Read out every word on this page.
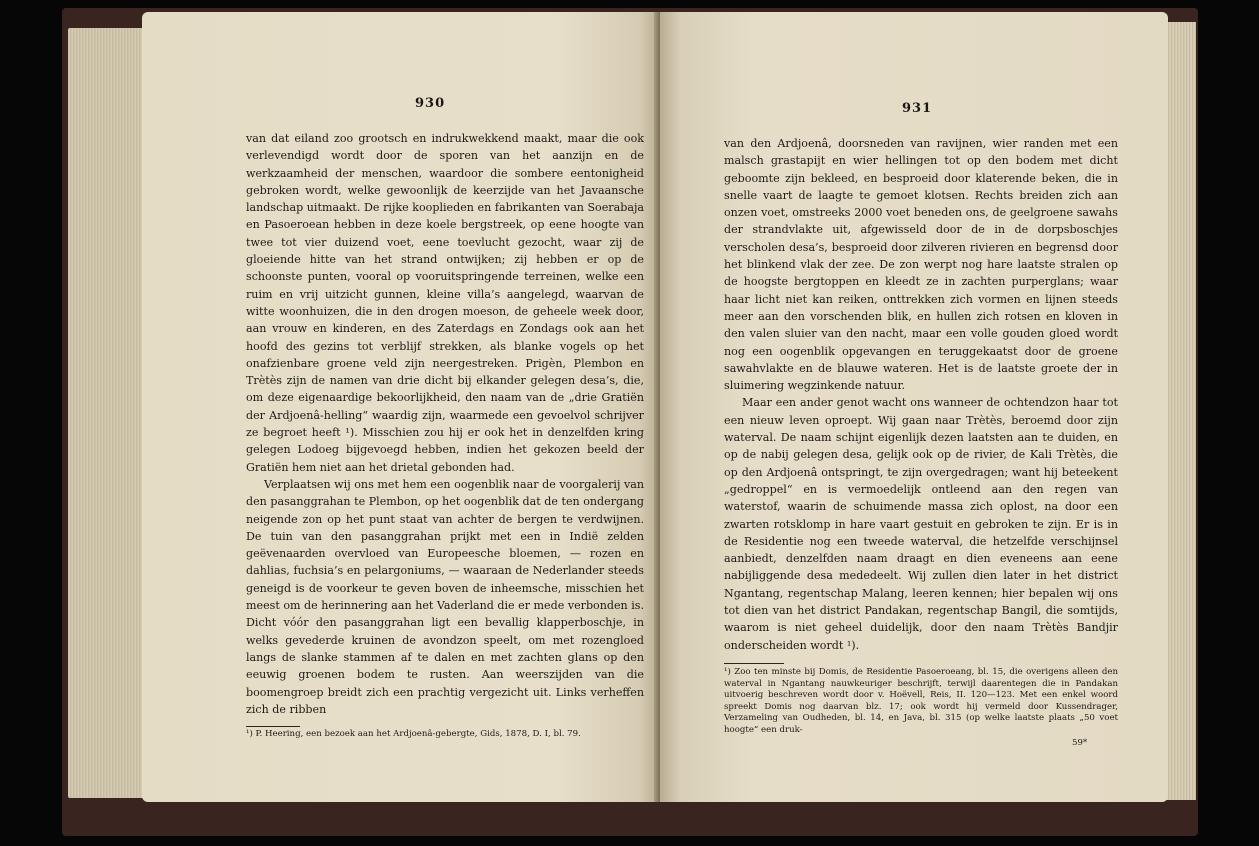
930

van dat eiland zoo grootsch en indrukwekkend maakt, maar die ook verlevendigd wordt door de sporen van het aanzijn en de werkzaamheid der menschen, waardoor die sombere eentonigheid gebroken wordt, welke gewoonlijk de keerzijde van het Javaansche landschap uitmaakt. De rijke kooplieden en fabrikanten van Soerabaja en Pasoeroean hebben in deze koele bergstreek, op eene hoogte van twee tot vier duizend voet, eene toevlucht gezocht, waar zij de gloeiende hitte van het strand ontwijken; zij hebben er op de schoonste punten, vooral op vooruitspringende terreinen, welke een ruim en vrij uitzicht gunnen, kleine villa’s aangelegd, waarvan de witte woonhuizen, die in den drogen moeson, de geheele week door, aan vrouw en kinderen, en des Zaterdags en Zondags ook aan het hoofd des gezins tot verblijf strekken, als blanke vogels op het onafzienbare groene veld zijn neergestreken. Prigèn, Plembon en Trètès zijn de namen van drie dicht bij elkander gelegen desa’s, die, om deze eigenaardige bekoorlijkheid, den naam van de „drie Gratiën der Ardjoenâ-helling“ waardig zijn, waarmede een gevoelvol schrijver ze begroet heeft ¹). Misschien zou hij er ook het in denzelfden kring gelegen Lodoeg bijgevoegd hebben, indien het gekozen beeld der Gratiën hem niet aan het drietal gebonden had.

Verplaatsen wij ons met hem een oogenblik naar de voorgalerij van den pasanggrahan te Plembon, op het oogenblik dat de ten ondergang neigende zon op het punt staat van achter de bergen te verdwijnen. De tuin van den pasanggrahan prijkt met een in Indië zelden geëvenaarden overvloed van Europeesche bloemen, — rozen en dahlias, fuchsia’s en pelargoniums, — waaraan de Nederlander steeds geneigd is de voorkeur te geven boven de inheemsche, misschien het meest om de herinnering aan het Vaderland die er mede verbonden is. Dicht vóór den pasanggrahan ligt een bevallig klapperboschje, in welks gevederde kruinen de avondzon speelt, om met rozengloed langs de slanke stammen af te dalen en met zachten glans op den eeuwig groenen bodem te rusten. Aan weerszijden van die boomengroep breidt zich een prachtig vergezicht uit. Links verheffen zich de ribben

¹) P. Heering, een bezoek aan het Ardjoenâ-gebergte, Gids, 1878, D. I, bl. 79.

931

van den Ardjoenâ, doorsneden van ravijnen, wier randen met een malsch grastapijt en wier hellingen tot op den bodem met dicht geboomte zijn bekleed, en besproeid door klaterende beken, die in snelle vaart de laagte te gemoet klotsen. Rechts breiden zich aan onzen voet, omstreeks 2000 voet beneden ons, de geelgroene sawahs der strandvlakte uit, afgewisseld door de in de dorpsboschjes verscholen desa’s, besproeid door zilveren rivieren en begrensd door het blinkend vlak der zee. De zon werpt nog hare laatste stralen op de hoogste bergtoppen en kleedt ze in zachten purperglans; waar haar licht niet kan reiken, onttrekken zich vormen en lijnen steeds meer aan den vorschenden blik, en hullen zich rotsen en kloven in den valen sluier van den nacht, maar een volle gouden gloed wordt nog een oogenblik opgevangen en teruggekaatst door de groene sawahvlakte en de blauwe wateren. Het is de laatste groete der in sluimering wegzinkende natuur.

Maar een ander genot wacht ons wanneer de ochtendzon haar tot een nieuw leven oproept. Wij gaan naar Trètès, beroemd door zijn waterval. De naam schijnt eigenlijk dezen laatsten aan te duiden, en op de nabij gelegen desa, gelijk ook op de rivier, de Kali Trètès, die op den Ardjoenâ ontspringt, te zijn overgedragen; want hij beteekent „gedroppel“ en is vermoedelijk ontleend aan den regen van waterstof, waarin de schuimende massa zich oplost, na door een zwarten rotsklomp in hare vaart gestuit en gebroken te zijn. Er is in de Residentie nog een tweede waterval, die hetzelfde verschijnsel aanbiedt, denzelfden naam draagt en dien eveneens aan eene nabijliggende desa mededeelt. Wij zullen dien later in het district Ngantang, regentschap Malang, leeren kennen; hier bepalen wij ons tot dien van het district Pandakan, regentschap Bangil, die somtijds, waarom is niet geheel duidelijk, door den naam Trètès Bandjir onderscheiden wordt ¹).

¹) Zoo ten minste bij Domis, de Residentie Pasoeroeang, bl. 15, die overigens alleen den waterval in Ngantang nauwkeuriger beschrijft, terwijl daarentegen die in Pandakan uitvoerig beschreven wordt door v. Hoëvell, Reis, II. 120—123. Met een enkel woord spreekt Domis nog daarvan blz. 17; ook wordt hij vermeld door Kussendrager, Verzameling van Oudheden, bl. 14, en Java, bl. 315 (op welke laatste plaats „50 voet hoogte“ een druk-

59*
